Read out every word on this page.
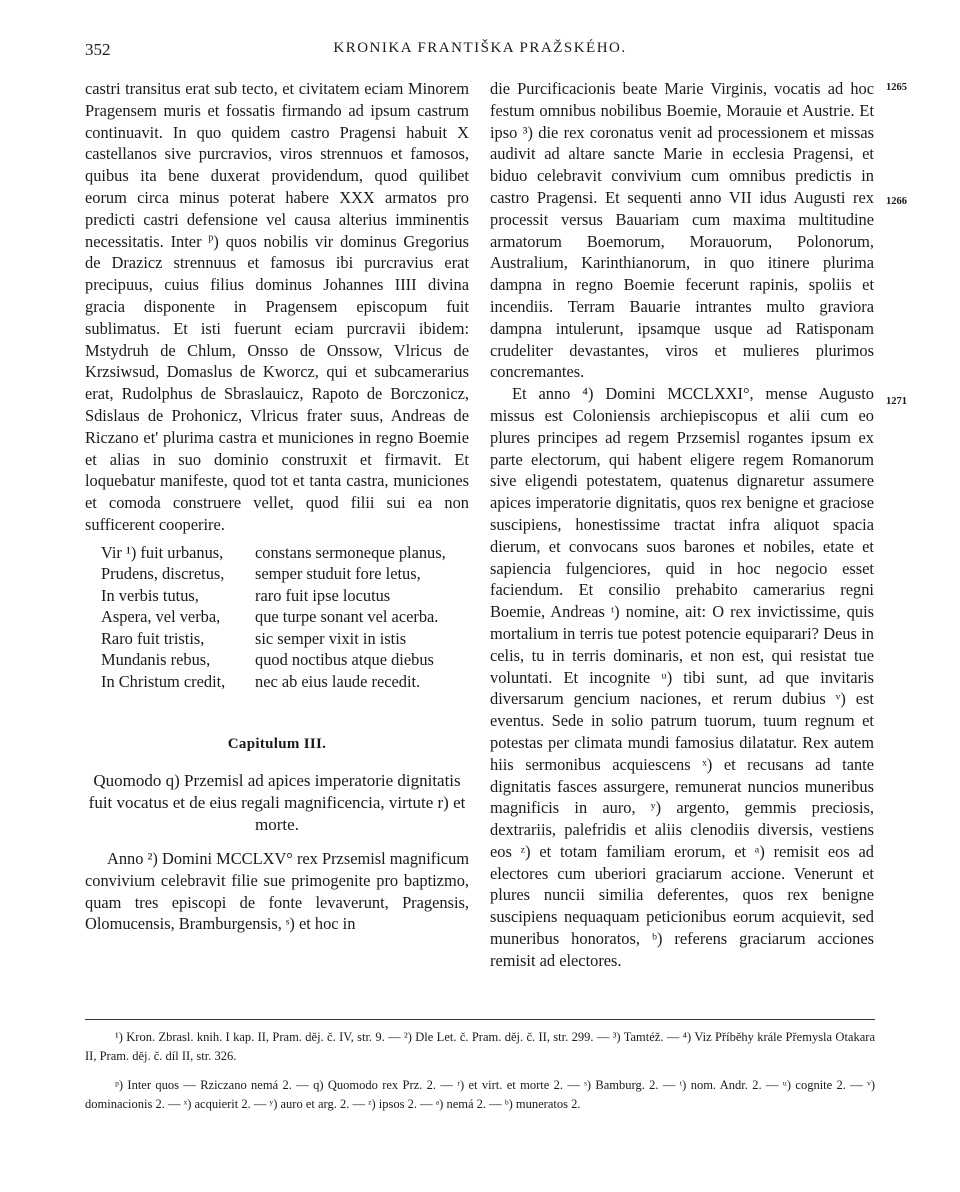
352	KRONIKA FRANTIŠKA PRAŽSKÉHO.

castri transitus erat sub tecto, et civitatem eciam Minorem Pragensem muris et fossatis firmando ad ipsum castrum continuavit. In quo quidem castro Pragensi habuit X castellanos sive purcravios, viros strennuos et famosos, quibus ita bene duxerat providendum, quod quilibet eorum circa minus poterat habere XXX armatos pro predicti castri defensione vel causa alterius imminentis necessitatis. Inter $^p$) quos nobilis vir dominus Gregorius de Drazicz strennuus et famosus ibi purcravius erat precipuus, cuius filius dominus Johannes IIII divina gracia disponente in Pragensem episcopum fuit sublimatus. Et isti fuerunt eciam purcravii ibidem: Mstydruh de Chlum, Onsso de Onssow, Vlricus de Krzsiwsud, Domaslus de Kworcz, qui et subcamerarius erat, Rudolphus de Sbraslauicz, Rapoto de Borczonicz, Sdislaus de Prohonicz, Vlricus frater suus, Andreas de Riczano et' plurima castra et municiones in regno Boemie et alias in suo dominio construxit et firmavit. Et loquebatur manifeste, quod tot et tanta castra, municiones et comoda construere vellet, quod filii sui ea non sufficerent cooperire.

Vir ¹) fuit urbanus,	constans sermoneque planus,
Prudens, discretus,	semper studuit fore letus,
In verbis tutus,	raro fuit ipse locutus
Aspera, vel verba,	que turpe sonant vel acerba.
Raro fuit tristis,	sic semper vixit in istis
Mundanis rebus,	quod noctibus atque diebus
In Christum credit,	nec ab eius laude recedit.
Capitulum III.
Quomodo q) Przemisl ad apices imperatorie dignitatis fuit vocatus et de eius regali magnificencia, virtute r) et morte.

Anno ²) Domini MCCLXV° rex Przsemisl magnificum convivium celebravit filie sue primogenite pro baptizmo, quam tres episcopi de fonte levaverunt, Pragensis, Olomucensis, Bramburgensis, ˢ) et hoc in

die Purcificacionis beate Marie Virginis, vocatis ad hoc festum omnibus nobilibus Boemie, Morauie et Austrie. Et ipso ³) die rex coronatus venit ad processionem et missas audivit ad altare sancte Marie in ecclesia Pragensi, et biduo celebravit convivium cum omnibus predictis in castro Pragensi. Et sequenti anno VII idus Augusti rex processit versus Bauariam cum maxima multitudine armatorum Boemorum, Morauorum, Polonorum, Australium, Karinthianorum, in quo itinere plurima dampna in regno Boemie fecerunt rapinis, spoliis et incendiis. Terram Bauarie intrantes multo graviora dampna intulerunt, ipsamque usque ad Ratisponam crudeliter devastantes, viros et mulieres plurimos concremantes.

Et anno ⁴) Domini MCCLXXI°, mense Augusto missus est Coloniensis archiepiscopus et alii cum eo plures principes ad regem Przsemisl rogantes ipsum ex parte electorum, qui habent eligere regem Romanorum sive eligendi potestatem, quatenus dignaretur assumere apices imperatorie dignitatis, quos rex benigne et graciose suscipiens, honestissime tractat infra aliquot spacia dierum, et convocans suos barones et nobiles, etate et sapiencia fulgenciores, quid in hoc negocio esset faciendum. Et consilio prehabito camerarius regni Boemie, Andreas ᵗ) nomine, ait: O rex invictissime, quis mortalium in terris tue potest potencie equiparari? Deus in celis, tu in terris dominaris, et non est, qui resistat tue voluntati. Et incognite ᵘ) tibi sunt, ad que invitaris diversarum gencium naciones, et rerum dubius ᵛ) est eventus. Sede in solio patrum tuorum, tuum regnum et potestas per climata mundi famosius dilatatur. Rex autem hiis sermonibus acquiescens ˣ) et recusans ad tante dignitatis fasces assurgere, remunerat nuncios muneribus magnificis in auro, ʸ) argento, gemmis preciosis, dextrariis, palefridis et aliis clenodiis diversis, vestiens eos ᶻ) et totam familiam erorum, et ᵃ) remisit eos ad electores cum uberiori graciarum accione. Venerunt et plures nuncii similia deferentes, quos rex benigne suscipiens nequaquam peticionibus eorum acquievit, sed muneribus honoratos, ᵇ) referens graciarum acciones remisit ad electores.

1265
1266
1271

¹) Kron. Zbrasl. knih. I kap. II, Pram. děj. č. IV, str. 9. — ²) Dle Let. č. Pram. děj. č. II, str. 299. — ³) Tamtéž. — ⁴) Viz Příběhy krále Přemysla Otakara II, Pram. děj. č. díl II, str. 326.

ᵖ) Inter quos — Rziczano nemá 2. — q) Quomodo rex Prz. 2. — ʳ) et virt. et morte 2. — ˢ) Bamburg. 2. — ᵗ) nom. Andr. 2. — ᵘ) cognite 2. — ᵛ) dominacionis 2. — ˣ) acquierit 2. — ʸ) auro et arg. 2. — ᶻ) ipsos 2. — ᵃ) nemá 2. — ᵇ) muneratos 2.
